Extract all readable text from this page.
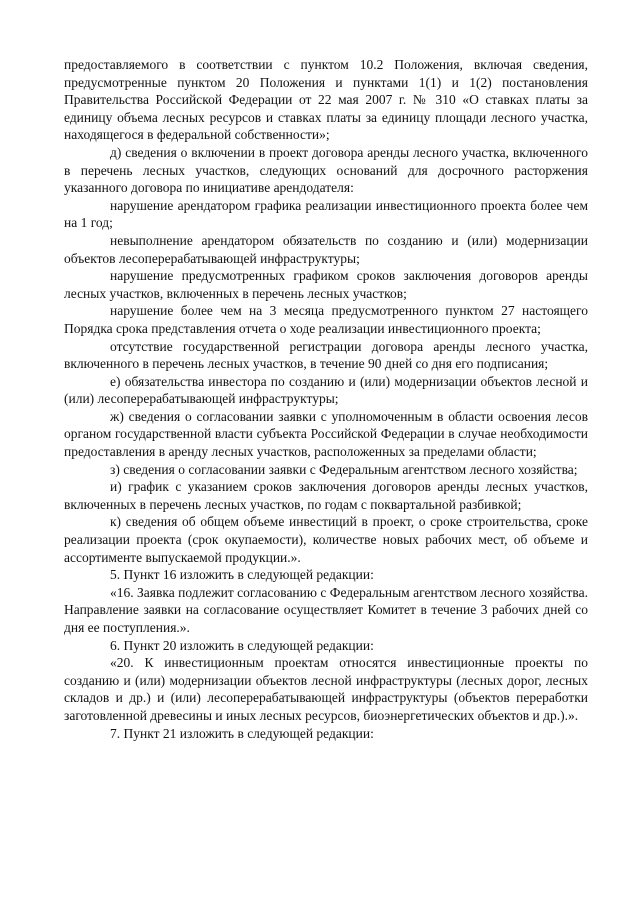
предоставляемого в соответствии с пунктом 10.2 Положения, включая сведения, предусмотренные пунктом 20 Положения и пунктами 1(1) и 1(2) постановления Правительства Российской Федерации от 22 мая 2007 г. № 310 «О ставках платы за единицу объема лесных ресурсов и ставках платы за единицу площади лесного участка, находящегося в федеральной собственности»;

д) сведения о включении в проект договора аренды лесного участка, включенного в перечень лесных участков, следующих оснований для досрочного расторжения указанного договора по инициативе арендодателя:

нарушение арендатором графика реализации инвестиционного проекта более чем на 1 год;

невыполнение арендатором обязательств по созданию и (или) модернизации объектов лесоперерабатывающей инфраструктуры;

нарушение предусмотренных графиком сроков заключения договоров аренды лесных участков, включенных в перечень лесных участков;

нарушение более чем на 3 месяца предусмотренного пунктом 27 настоящего Порядка срока представления отчета о ходе реализации инвестиционного проекта;

отсутствие государственной регистрации договора аренды лесного участка, включенного в перечень лесных участков, в течение 90 дней со дня его подписания;

е) обязательства инвестора по созданию и (или) модернизации объектов лесной и (или) лесоперерабатывающей инфраструктуры;

ж) сведения о согласовании заявки с уполномоченным в области освоения лесов органом государственной власти субъекта Российской Федерации в случае необходимости предоставления в аренду лесных участков, расположенных за пределами области;

з) сведения о согласовании заявки с Федеральным агентством лесного хозяйства;

и) график с указанием сроков заключения договоров аренды лесных участков, включенных в перечень лесных участков, по годам с поквартальной разбивкой;

к) сведения об общем объеме инвестиций в проект, о сроке строительства, сроке реализации проекта (срок окупаемости), количестве новых рабочих мест, об объеме и ассортименте выпускаемой продукции.».

5. Пункт 16 изложить в следующей редакции:

«16. Заявка подлежит согласованию с Федеральным агентством лесного хозяйства. Направление заявки на согласование осуществляет Комитет в течение 3 рабочих дней со дня ее поступления.».

6. Пункт 20 изложить в следующей редакции:

«20. К инвестиционным проектам относятся инвестиционные проекты по созданию и (или) модернизации объектов лесной инфраструктуры (лесных дорог, лесных складов и др.) и (или) лесоперерабатывающей инфраструктуры (объектов переработки заготовленной древесины и иных лесных ресурсов, биоэнергетических объектов и др.).».

7. Пункт 21 изложить в следующей редакции:
